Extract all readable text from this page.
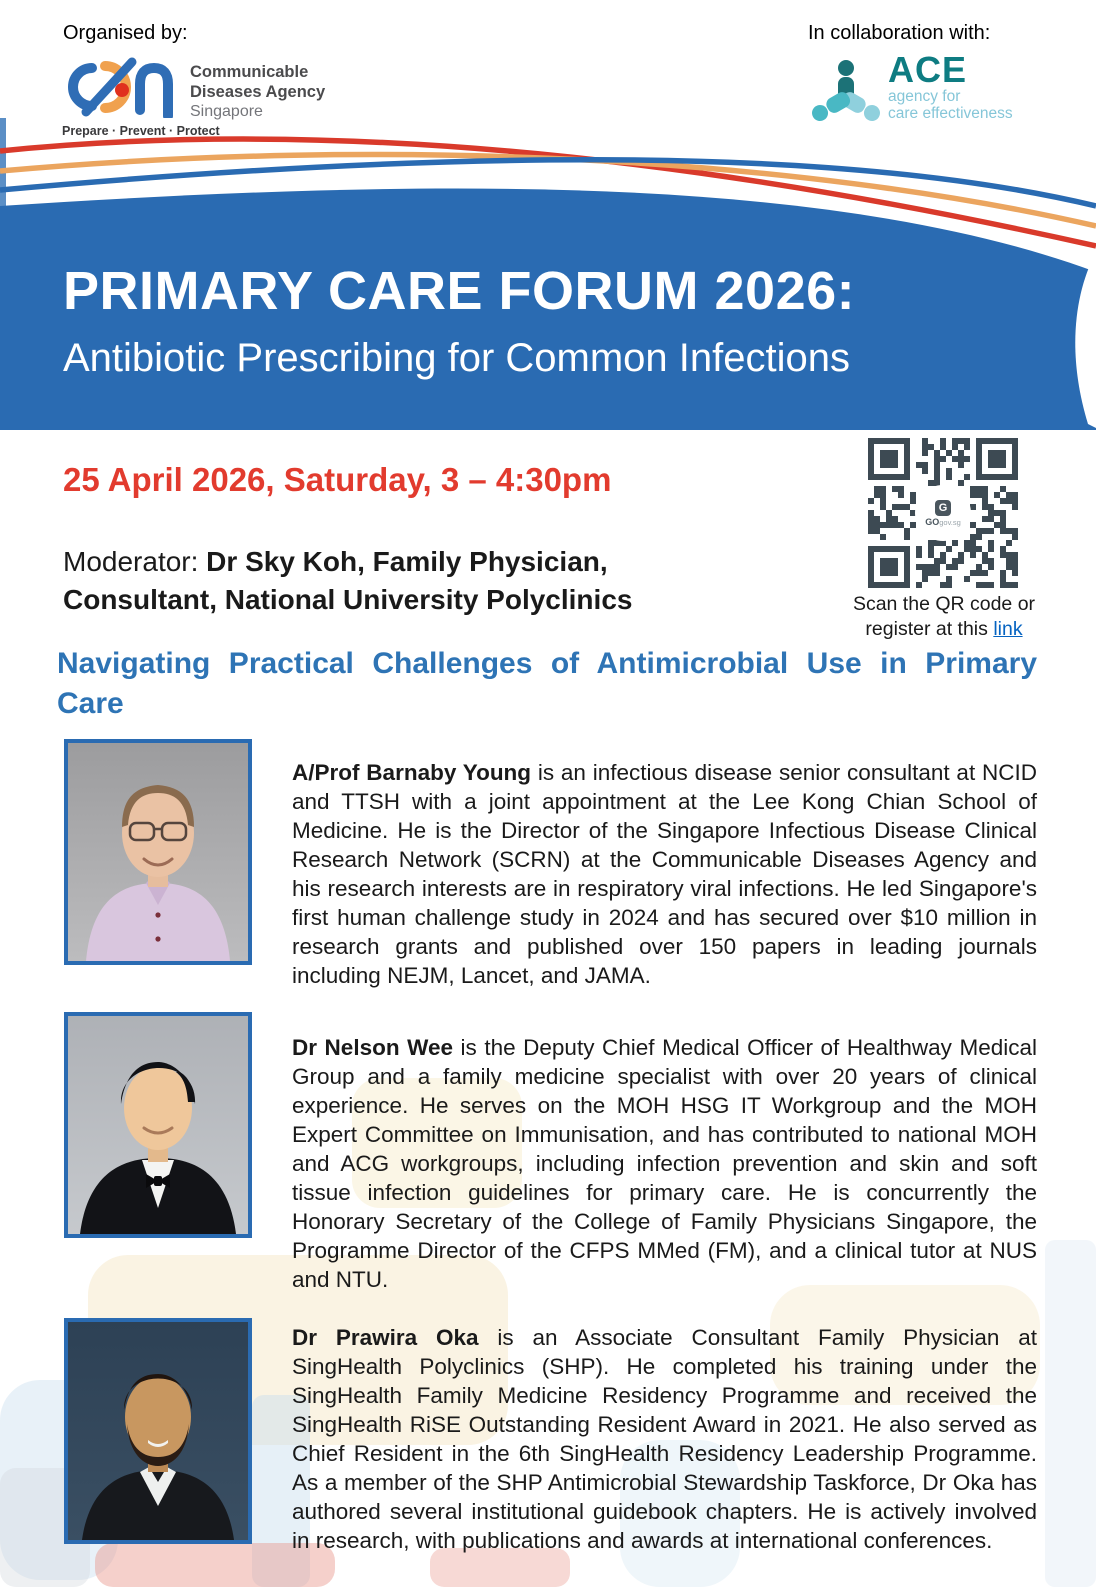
Organised by:	In collaboration with:
Communicable
Diseases Agency
Singapore
Prepare · Prevent · Protect
ACE
agency for
care effectiveness
PRIMARY CARE FORUM 2026:
Antibiotic Prescribing for Common Infections
25 April 2026, Saturday, 3 – 4:30pm
Moderator: Dr Sky Koh, Family Physician,
Consultant, National University Polyclinics
G
GOgov.sg
Scan the QR code or
register at this link
Navigating Practical Challenges of Antimicrobial Use in Primary Care

A/Prof Barnaby Young is an infectious disease senior consultant at NCID and TTSH with a joint appointment at the Lee Kong Chian School of Medicine. He is the Director of the Singapore Infectious Disease Clinical Research Network (SCRN) at the Communicable Diseases Agency and his research interests are in respiratory viral infections. He led Singapore's first human challenge study in 2024 and has secured over $10 million in research grants and published over 150 papers in leading journals including NEJM, Lancet, and JAMA.

Dr Nelson Wee is the Deputy Chief Medical Officer of Healthway Medical Group and a family medicine specialist with over 20 years of clinical experience. He serves on the MOH HSG IT Workgroup and the MOH Expert Committee on Immunisation, and has contributed to national MOH and ACG workgroups, including infection prevention and skin and soft tissue infection guidelines for primary care. He is concurrently the Honorary Secretary of the College of Family Physicians Singapore, the Programme Director of the CFPS MMed (FM), and a clinical tutor at NUS and NTU.

Dr Prawira Oka is an Associate Consultant Family Physician at SingHealth Polyclinics (SHP). He completed his training under the SingHealth Family Medicine Residency Programme and received the SingHealth RiSE Outstanding Resident Award in 2021. He also served as Chief Resident in the 6th SingHealth Residency Leadership Programme. As a member of the SHP Antimicrobial Stewardship Taskforce, Dr Oka has authored several institutional guidebook chapters. He is actively involved in research, with publications and awards at international conferences.
